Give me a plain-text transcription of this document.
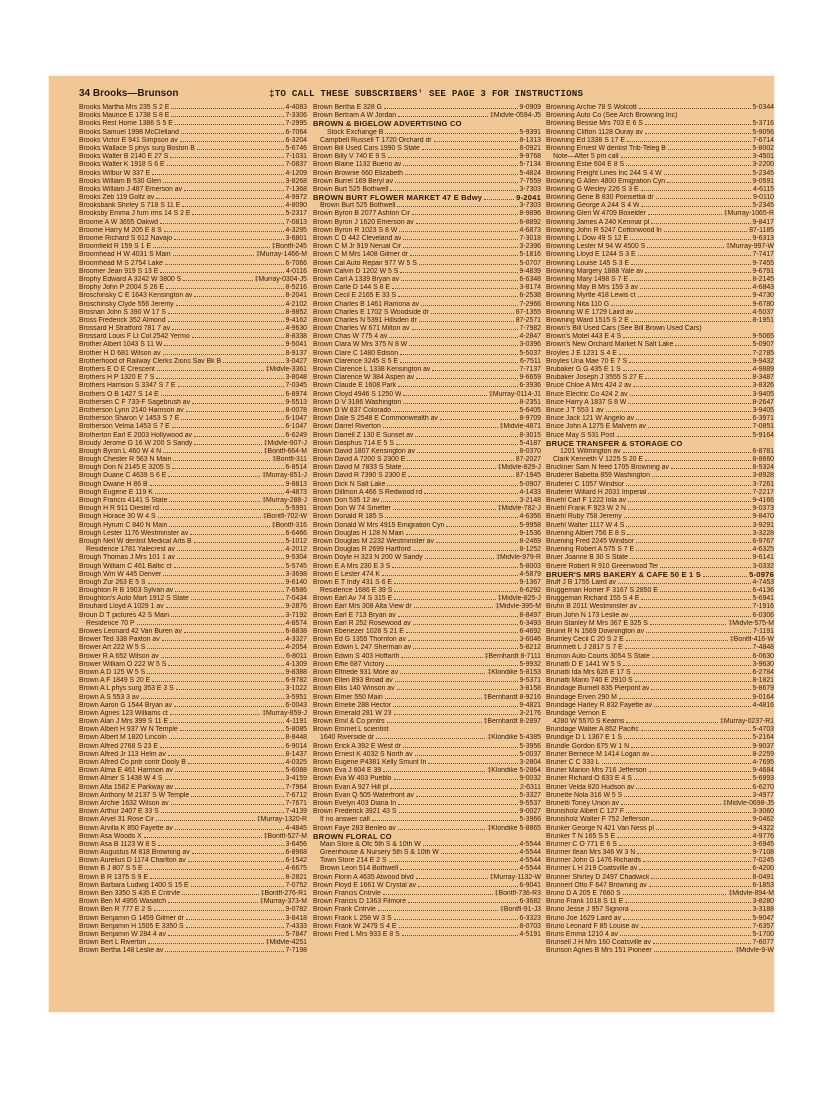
34 Brooks—Brunson	‡TO CALL THESE SUBSCRIBERS' SEE PAGE 3 FOR INSTRUCTIONS
Brooks Martha Mrs 235 S 2 E	4-4083
Brooks Maurice E 1738 S 8 E	7-3306
Brooks Rest Home 1386 S 5 E	7-2995
Brooks Samuel 1998 McClelland	6-7064
Brooks Victor E 941 Simpson av	6-3204
Brooks Wallace S phys surg Boston B	5-6746
Brooks Walter B 2140 E 27 S	7-1031
Brooks Walter K 1918 S 6 E	7-0837
Brooks Wilbur W 337 E	4-1209
Brooks William B 530 Glen	3-8268
Brooks William J 487 Emerson av	7-1368
Brooks Zeb 119 Goltz av	4-9972
Brooksbank Shirley S 718 S 11 E	4-8090
Brooksby Emma J furn rms 14 S 2 E	5-2317
Broome A W 3655 Oakwd	7-0813
Broome Harry M 205 E 8 S	4-3295
Broome Richard S 612 Navajo	3-6801
Broomfield R 159 S 1 E	‡Bontfl-245
Broomhead H W 4031 S Main	‡Murray-1466-M
Broomhead M S 2754 Lake	6-7066
Broomer Jean 919 S 13 E	4-0116
Brophy Edward A 3242 W 3800 S	‡Murray-0304-J5
Brophy John P 2004 S 26 E	8-5216
Broschinsky C E 1643 Kensington av	8-2041
Broschinsky Clyde 556 Jeremy	4-2102
Brosnan John S 390 W 17 S	8-9852
Bross Frederick 352 Almond	9-4162
Brossard H Stratford 781 7 av	4-9630
Brossard Louis F Lt Col 2542 Yermo	8-8338
Brother Albert 1043 S 11 W	9-5041
Brother H D 681 Wilson av	8-9137
Brotherhood of Railway Clerks Zions Sav Bk B	3-0427
Brothers E O E Crescent	‡Midvle-3361
Brothers H P 1320 E 7 S	3-8048
Brothers Harrison S 3347 S 7 E	7-0345
Brothers O B 1427 S 14 E	6-8974
Brothersen C F 733-F Sagebrush av	9-5513
Brotherson Lynn 2140 Harrison av	8-0078
Brotherson Sharon V 1453 S 7 E	6-1047
Brotherson Velma 1453 S 7 E	6-1047
Brotherton Earl E 2003 Hollywood av	6-6249
Broudy Jerome G 16 W 200 S Sandy	‡Midvle-907-J
Brough Byron L 460 W 4 N	‡Bontfl-664-M
Brough Chester R 563 N Main	‡Bontfl-311
Brough Don N 2145 E 3205 S	6-8514
Brough Duane C 4639 S 6 E	‡Murray-851-J
Brough Dwane H 86 B	9-8813
Brough Eugene E 119 K	4-4873
Brough Francis 4141 S State	‡Murray-288-J
Brough H R 911 Diestel rd	5-5991
Brough Horace 30 W 4 S	‡Bontfl-702-W
Brough Hyrum C 840 N Main	‡Bontfl-316
Brough Lester 1176 Westminster av	6-6466
Brough Neil W dentist Medical Arts B	5-1012
Residence 1781 Yalecrest av	4-2012
Brough Thomas J Mrs 101 1 av	9-5304
Brough William C 461 Baltic ct	5-5745
Brough Wm W 445 Denver	3-3698
Brough Zur 263 E 5 S	9-6140
Broughton R B 1903 Sylvan av	7-6586
Broughton's Auto Mart 1912 S State	7-0434
Brouhard Lloyd A 1029 1 av	9-2876
Broun D T pictures 42 S Main	3-7192
Residence 70 P	4-8574
Browes Leonard 42 Van Buren av	6-8838
Brower Ted 338 Paxton av	4-3327
Brower Art 222 W 5 S	4-2054
Brower R A 652 Wilson av	6-8011
Brower William O 222 W 5 S	4-1309
Brown A D 125 W 5 S	9-8388
Brown A F 1849 S 20 E	6-9782
Brown A L phys surg 353 E 3 S	3-1022
Brown A S 553 3 av	3-5951
Brown Aaron G 1544 Bryan av	6-0043
Brown Agnes 123 Williams ct	‡Murray-859-J
Brown Alan J Mrs 399 S 11 E	4-1191
Brown Albert H 937 W N Temple	5-8085
Brown Albert M 1820 Lincoln	8-8448
Brown Alfred 2768 S 23 E	6-9014
Brown Alfred Jr 113 Helm av	8-1437
Brown Alfred Co pntr contr Dooly B	4-0325
Brown Alma E 461 Harrison av	5-6088
Brown Almer S 1438 W 4 S	3-4159
Brown Alta 1582 E Parkway av	7-7964
Brown Anthony M 2137 S W Temple	7-6712
Brown Archie 1632 Wilson av	7-7671
Brown Arthur 2407 E 33 S	7-4139
Brown Arvel 31 Rose Cir	‡Murray-1320-R
Brown Arvilla K 850 Fayette av	4-4845
Brown Asa Woods X	‡Bontfl-527-M
Brown Asa B 1123 W 8 S	3-6456
Brown Augustus M 818 Browning av	6-8968
Brown Aurelius D 1174 Charlton av	6-1542
Brown B J 807 S 5 E	4-6675
Brown B R 1375 S 9 E	8-2821
Brown Barbara Ludwig 1400 S 15 E	7-0752
Brown Ben 3350 S 435 E Cntrvle	‡Bontfl-276-R1
Brown Ben M 4955 Wasatch	‡Murray-373-M
Brown Ben R 777 E 2 S	9-0782
Brown Benjamin G 1459 Gilmer dr	3-8418
Brown Benjamin H 1505 E 3350 S	7-4333
Brown Benjamin W 284 4 av	5-7847
Brown Bert L Riverton	‡Midvle-4251
Brown Bertha 148 Leslie av	7-7198
Brown Bertha E 328 G	9-0909
Brown Bertram A W Jordan	‡Midvle-0594-J5
BROWN & BIGELOW ADVERTISING CO
Stock Exchange B	5-9391
Campbell Russell T 1720 Orchard dr	8-1313
Brown Bill Used Cars 1990 S State	8-0921
Brown Billy V 740 E 9 S	9-9768
Brown Blaine 1132 Bueno av	5-7134
Brown Brownie 660 Elizabeth	5-4824
Brown Burrel 169 Beryl av	7-7559
Brown Burt 525 Bothwell	3-7303
BROWN BURT FLOWER MARKET 47 E Bdwy	9-2041
Brown Burt 525 Bothwell	3-7303
Brown Byron B 2077 Ashton Cir	8-9896
Brown Byron J 1620 Emerson av	6-8892
Brown Byron R 1023 S 8 W	4-6873
Brown C D 442 Cleveland av	7-3018
Brown C M Jr 919 Nerual Cir	3-2396
Brown C M Mrs 1408 Gilmer dr	5-1816
Brown Cal Auto Repair 977 W 5 S	5-0707
Brown Calvin D 1202 W 5 S	9-4839
Brown Carl A 1339 Bryan av	6-6348
Brown Carle D 144 S 8 E	3-8174
Brown Cecil E 2165 E 33 S	6-2538
Brown Charles B 1461 Ramona av	7-2966
Brown Charles E 1702 S Woodside dr	87-1355
Brown Charles N 5391 Hillsden dr	87-2571
Brown Charles W 671 Milton av	7-7982
Brown Chas W 775 4 av	4-2847
Brown Clara W Mrs 375 N 8 W	3-0396
Brown Clare C 1480 Edison	5-5037
Brown Clarence 3245 S 5 E	6-7511
Brown Clarence L 1338 Kensington av	7-7137
Brown Clarence W 384 Aspen av	9-6659
Brown Claude E 1608 Park	6-3936
Brown Cloyd 4946 S 1250 W	‡Murray-0114-J1
Brown D V 3186 Washington	8-2351
Brown D W 837 Colorado	5-6405
Brown Dale S 2548 E Commonwealth av	8-9709
Brown Darrel Riverton	‡Midvle-4871
Brown Darrell Z 130 E Sunset av	8-3015
Brown Dasphus 714 E 5 S	5-4187
Brown David 1807 Kensington av	8-0370
Brown David A 7200 S 2300 E	87-2027
Brown David M 7833 S State	‡Midvle-829-J
Brown David R 7390 S 2300 E	87-1945
Brown Dick N Salt Lake	5-0907
Brown Dillmon A 466 S Redwood rd	4-1433
Brown Don 535 12 av	3-2148
Brown Don W 74 Smelter	‡Midvle-782-J
Brown Donald R 185 S	4-6356
Brown Donald W Mrs 4915 Emigration Cyn	5-9958
Brown Douglas H 128 N Main	9-1536
Brown Douglas M 2232 Westminster av	8-2469
Brown Douglas R 2699 Hartford	8-1252
Brown Doyle H 323 N 200 W Sandy	‡Midvle-979-R
Brown E A Mrs 230 E 3 S	5-8003
Brown E Lester 474 K	4-5879
Brown E T Indy 431 S 6 E	9-1367
Residence 1686 E 39 S	6-6292
Brown Earl Av 74 S 315 E	‡Midvle-825-J
Brown Earl Mrs 308 Alta View dr	‡Midvle-395-M
Brown Earl E 713 Bryan av	8-8497
Brown Earl R 252 Rosewood av	6-3493
Brown Ebenezer 1028 S 21 E	6-4692
Brown Ed G 1355 Thornton av	3-6046
Brown Edwin L 247 Sherman av	5-8212
Brown Edwin S 403 Hoffarth	‡Bernhardt 8-7111
Brown Effie 687 Victory	5-9932
Brown Elfriede 931 More av	‡Klondike 5-8153
Brown Ellen 893 Broad av	9-5371
Brown Ellis 140 Winson av	3-8158
Brown Elmer 550 Main	‡Bernhardt 8-9216
Brown Emelie 288 Hector	9-4821
Brown Emerald 281 W 23	3-2176
Brown Emil & Co prntrs	‡Bernhardt 8-2897
Brown Emmet L scientist
1640 Riverside dr	‡Klondike 5-4385
Brown Erick A 392 E West dr	5-3956
Brown Ernest K 4032 S North av	5-0037
Brown Eugene P4381 Kelly Smunt In	3-2804
Brown Eva J 604 E 39	‡Klondike 5-2864
Brown Eva W 403 Pueblo	9-0032
Brown Evan A 927 Hill pl	2-6311
Brown Evan Q 505 Waterfront av	5-3327
Brown Evelyn 403 Diana In	9-5537
Brown Frederick 3921 43 S	9-0027
If no answer call	5-3966
Brown Faye 283 Benleo av	‡Klondike 5-8865
BROWN FLORAL CO
Main Store & Ofc 5th S & 10th W	4-5544
Greenhouse & Nursery 5th S & 10th W	4-5544
Town Store 214 E 2 S	4-5544
Brown Leon 514 Bothwell	4-5544
Brown Florin A 4635 Atwood blvd	‡Murray-1132-W
Brown Floyd E 1661 W Crystal av	6-9041
Brown Francis Cntrvle	‡Bontfl-736-R3
Brown Francis D 1363 Filmore	6-3682
Brown Frank Cntrvle	‡Bontfl-91-J3
Brown Frank L 258 W 3 S	6-3323
Brown Frank W 2479 S 4 E	8-0703
Brown Fred L Mrs 933 E 8 S	4-5191
Browning Archie 78 S Wolcott	5-0344
Browning Auto Co (See Arch Browning Inc)
Browning Bessie Mrs 703 E 6 S	5-3716
Browning Clifton 1128 Ouray av	5-9056
Browning Ed 1338 S 17 E	7-6714
Browning Ernest W dentist Trib-Teleg B	5-8002
Note—After 5 pm call	3-4501
Browning Estie 604 E 8 S	3-2200
Browning Freight Lines Inc 244 S 4 W	5-2345
Browning G Allen 4800 Emigration Cyn	9-0591
Browning G Wesley 226 S 3 E	4-6115
Browning Gene B 830 Poinsettia dr	9-0110
Browning George A 244 S 4 W	5-2345
Browning Glen W 4709 Boxelder	‡Murray-1065-R
Browning James A 240 Kenmar pl	9-8417
Browning John R 5247 Cottonwood ln	87-1185
Browning L Dow 49 S 12 E	9-6313
Browning Lester M 94 W 4500 S	‡Murray-997-W
Browning Lloyd E 1244 S 3 E	7-7417
Browning Louise 145 S 3 E	9-7455
Browning Margery 1888 Yale av	9-6791
Browning Mary 1498 S 7 E	8-2145
Browning May B Mrs 159 3 av	4-6843
Browning Myrtle 418 Lewis ct	9-4730
Browning Nita 110 G	9-6780
Browning W E 1729 Laird av	4-5037
Browning Ward 1515 S 2 E	8-1951
Brown's Bill Used Cars (See Bill Brown Used Cars)
Brown's Motel 443 E 4 S	9-5065
Brown's New Orchard Market N Salt Lake	5-0907
Broyles J E 1231 S 4 E	7-2785
Broyles Una Mae 70 E 7 S	9-9432
Brubaker G G 435 E 1 S	4-9889
Brubaker Joseph J 3555 S 27 E	8-3487
Bruce Chloe A Mrs 424 2 av	3-8326
Bruce Electric Co 424 2 av	3-9405
Bruce Harry A 1837 S 8 W	8-2647
Bruce J T 553 1 av	3-9405
Bruce Jack 121 W Angelo av	6-3971
Bruce John A 1275 E Malvern av	7-0851
Bruce May S 531 Post	5-9164
BRUCE TRANSFER & STORAGE CO
1201 Wilmington av	6-8781
Clark Kenneth V 1225 S 20 E	8-8660
Bruckner Sam N feed 1705 Browning av	8-5324
Bruderer Babetta 859 Washington	3-8928
Bruderer C 1057 Windsor	3-7261
Bruderer Willard H 2031 Imperial	7-2217
Bruehl Carl F 1222 Iola av	9-4166
Bruehl Frank F 923 W 2 N	9-0373
Bruehl Ruby 758 Jeremy	9-8470
Bruehl Walter 1117 W 4 S	3-9291
Bruening Albert 756 E 8 S	3-3228
Bruening Fred 2245 Windsor	6-9767
Bruening Robert A 575 S 7 E	4-6325
Bruer Joanne B 30 S State	9-6141
Bruere Robert R 910 Greenwood Ter	3-0332
BRUER'S MRS BAKERY & CAFE 50 E 1 S	5-0976
Bruff J B 1755 Laird av	4-7453
Bruggeman Homer F 3167 S 2850 E	6-4136
Bruggeman Richard 155 S 4 E	5-6941
Bruhn B 2011 Westminster av	7-1916
Bruin John N 173 Leslie av	6-0306
Bruin Stanley M Mrs 367 E 325 S	‡Midvle-575-M
Bruinit R N 1569 Downington av	7-1191
Brumley Cecil C 20 S 2 E	‡Bontfl-416-W
Brummett L J 2817 S 7 E	7-4848
Brumon Auto Courts 3054 S State	6-0630
Brunatti D E 1441 W 5 S	3-9630
Brunatti Ida Mrs 626 E 17 S	6-2784
Brunatti Mario 740 E 2910 S	8-1821
Brundage Burnell 835 Pierpont av	5-8679
Brundage Erven 290 M	9-0164
Brundage Harley R 832 Fayette av	4-4816
Brundage Vernon E
4280 W 5570 S Kearns	‡Murray-0237-R1
Brundage Walter A 852 Pacific	5-4703
Brundige D L 1367 E 1 S	5-2164
Brundle Gordon 675 W 1 N	9-9037
Bruner Bernece M 1414 Logan av	8-2259
Bruner C C 333 L	4-7695
Bruner Marion Mrs 716 Jefferson	9-4684
Bruner Richard O 633 E 4 S	5-6993
Bruner Velda 820 Hudson av	6-6270
Brunette Nola 316 W 5 S	3-4977
Brunetti Toney Union av	‡Midvle-0698-J5
Brunisholz Albert C 127 F	3-3060
Brunisholz Walter F 752 Jefferson	9-0462
Brunker George N 421 Van Ness pl	9-4322
Brunker T N 165 S 5 E	4-9776
Brunner C O 771 E 6 S	3-6945
Brunner Ilean Mrs 346 W 3 N	9-7108
Brunner John G 1476 Richards	7-0245
Brunner L H 219 Coatsville av	6-4200
Brunner Shirley D 2497 Chadwick	8-0491
Brunnert Otto F 647 Browning av	6-1853
Bruno D A 205 E 7660 S	‡Midvle-894-M
Bruno Frank 1018 S 11 E	3-8280
Bruno Jesse J 957 Signora	3-3188
Bruno Joe 1629 Laird av	5-9047
Bruno Leonard F 85 Louise av	7-6357
Bruns Emma 1210 4 av	5-1700
Brunsell J H Mrs 160 Coatsville av	7-6077
Brunson Agnes B Mrs 151 Pioneer	‡Midvle-9-W
